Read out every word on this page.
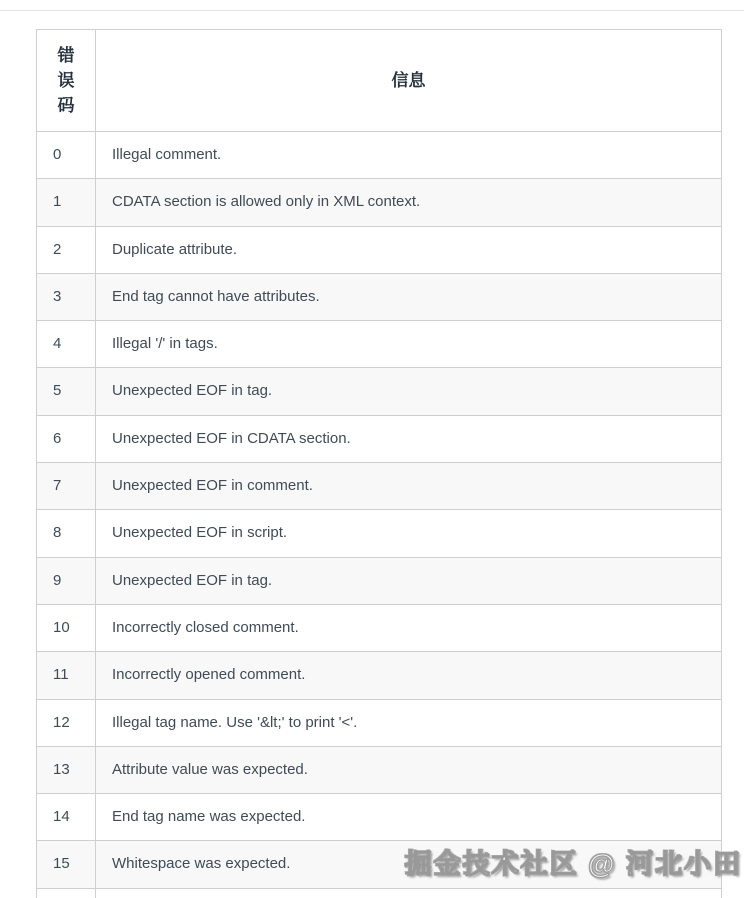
错误码	信息
0	Illegal comment.
1	CDATA section is allowed only in XML context.
2	Duplicate attribute.
3	End tag cannot have attributes.
4	Illegal '/' in tags.
5	Unexpected EOF in tag.
6	Unexpected EOF in CDATA section.
7	Unexpected EOF in comment.
8	Unexpected EOF in script.
9	Unexpected EOF in tag.
10	Incorrectly closed comment.
11	Incorrectly opened comment.
12	Illegal tag name. Use '&lt;' to print '<'.
13	Attribute value was expected.
14	End tag name was expected.
15	Whitespace was expected.
		掘金技术社区 @ 河北小田
